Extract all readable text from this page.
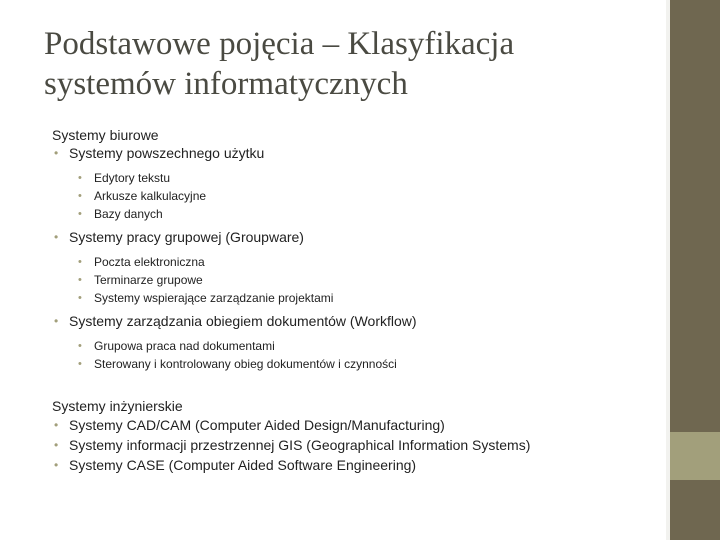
Podstawowe pojęcia – Klasyfikacja
systemów informatycznych
Systemy biurowe
• Systemy powszechnego użytku
• Edytory tekstu
• Arkusze kalkulacyjne
• Bazy danych
• Systemy pracy grupowej (Groupware)
• Poczta elektroniczna
• Terminarze grupowe
• Systemy wspierające zarządzanie projektami
• Systemy zarządzania obiegiem dokumentów (Workflow)
• Grupowa praca nad dokumentami
• Sterowany i kontrolowany obieg dokumentów i czynności
Systemy inżynierskie
• Systemy CAD/CAM (Computer Aided Design/Manufacturing)
• Systemy informacji przestrzennej GIS (Geographical Information Systems)
• Systemy CASE (Computer Aided Software Engineering)
